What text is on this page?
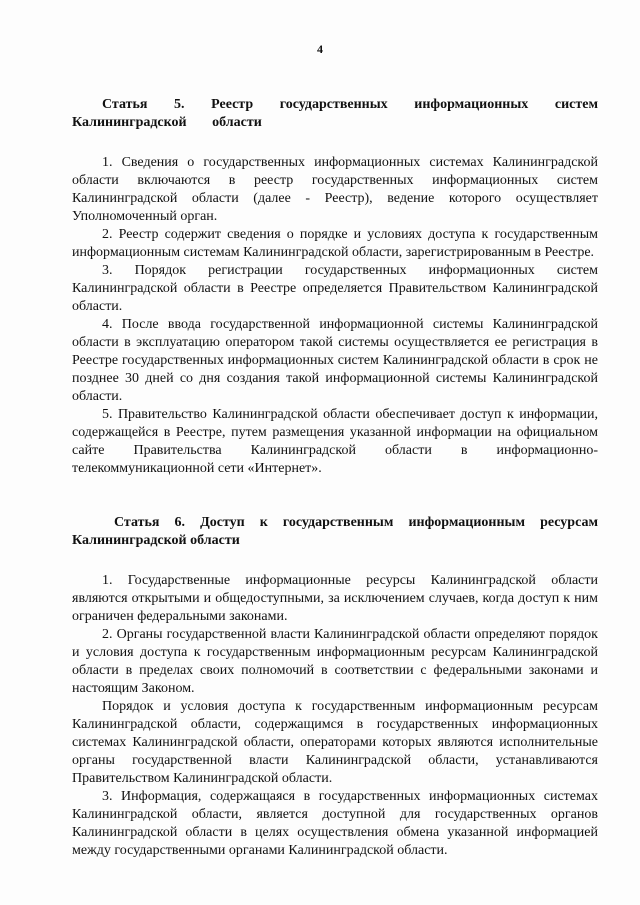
4

Статья 5. Реестр государственных информационных систем Калининградской области

1. Сведения о государственных информационных системах Калининградской области включаются в реестр государственных информационных систем Калининградской области (далее - Реестр), ведение которого осуществляет Уполномоченный орган.

2. Реестр содержит сведения о порядке и условиях доступа к государственным информационным системам Калининградской области, зарегистрированным в Реестре.

3. Порядок регистрации государственных информационных систем Калининградской области в Реестре определяется Правительством Калининградской области.

4. После ввода государственной информационной системы Калининградской области в эксплуатацию оператором такой системы осуществляется ее регистрация в Реестре государственных информационных систем Калининградской области в срок не позднее 30 дней со дня создания такой информационной системы Калининградской области.

5. Правительство Калининградской области обеспечивает доступ к информации, содержащейся в Реестре, путем размещения указанной информации на официальном сайте Правительства Калининградской области в информационно-телекоммуникационной сети «Интернет».

Статья 6. Доступ к государственным информационным ресурсам Калининградской области

1. Государственные информационные ресурсы Калининградской области являются открытыми и общедоступными, за исключением случаев, когда доступ к ним ограничен федеральными законами.

2. Органы государственной власти Калининградской области определяют порядок и условия доступа к государственным информационным ресурсам Калининградской области в пределах своих полномочий в соответствии с федеральными законами и настоящим Законом.

Порядок и условия доступа к государственным информационным ресурсам Калининградской области, содержащимся в государственных информационных системах Калининградской области, операторами которых являются исполнительные органы государственной власти Калининградской области, устанавливаются Правительством Калининградской области.

3. Информация, содержащаяся в государственных информационных системах Калининградской области, является доступной для государственных органов Калининградской области в целях осуществления обмена указанной информацией между государственными органами Калининградской области.
